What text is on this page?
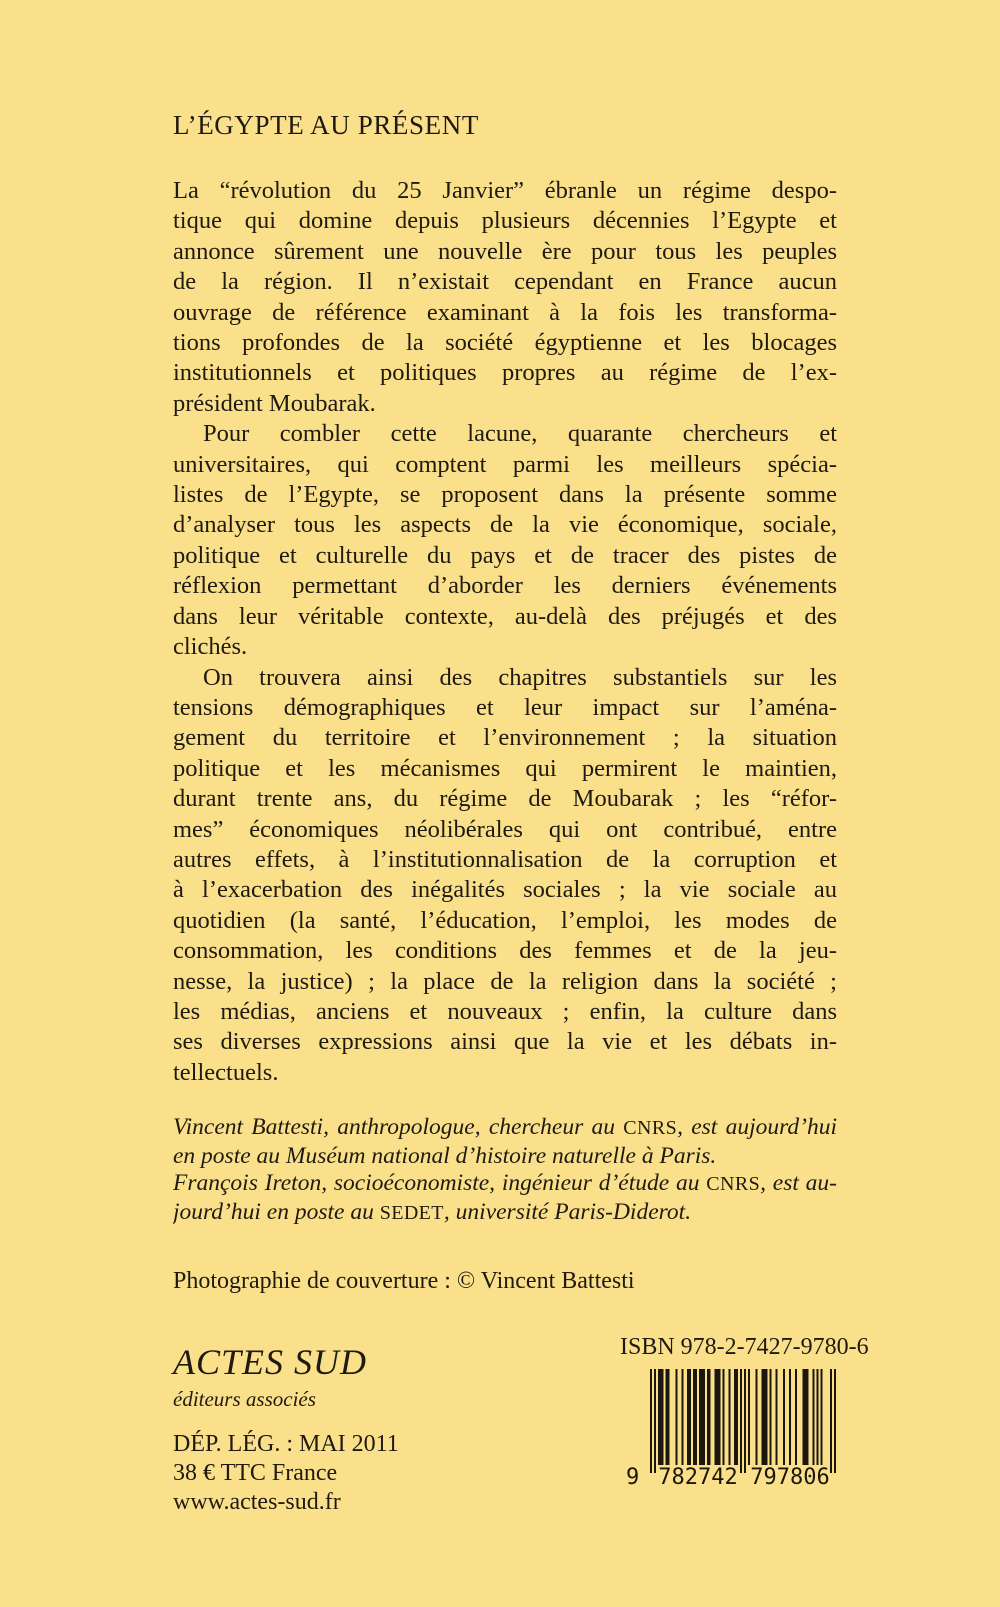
L’ÉGYPTE AU PRÉSENT
La “révolution du 25 Janvier” ébranle un régime despo-
tique qui domine depuis plusieurs décennies l’Egypte et
annonce sûrement une nouvelle ère pour tous les peuples
de la région. Il n’existait cependant en France aucun
ouvrage de référence examinant à la fois les transforma-
tions profondes de la société égyptienne et les blocages
institutionnels et politiques propres au régime de l’ex-
président Moubarak.
Pour combler cette lacune, quarante chercheurs et
universitaires, qui comptent parmi les meilleurs spécia-
listes de l’Egypte, se proposent dans la présente somme
d’analyser tous les aspects de la vie économique, sociale,
politique et culturelle du pays et de tracer des pistes de
réflexion permettant d’aborder les derniers événements
dans leur véritable contexte, au-delà des préjugés et des
clichés.
On trouvera ainsi des chapitres substantiels sur les
tensions démographiques et leur impact sur l’aména-
gement du territoire et l’environnement ; la situation
politique et les mécanismes qui permirent le maintien,
durant trente ans, du régime de Moubarak ; les “réfor-
mes” économiques néolibérales qui ont contribué, entre
autres effets, à l’institutionnalisation de la corruption et
à l’exacerbation des inégalités sociales ; la vie sociale au
quotidien (la santé, l’éducation, l’emploi, les modes de
consommation, les conditions des femmes et de la jeu-
nesse, la justice) ; la place de la religion dans la société ;
les médias, anciens et nouveaux ; enfin, la culture dans
ses diverses expressions ainsi que la vie et les débats in-
tellectuels.
Vincent Battesti, anthropologue, chercheur au CNRS, est aujourd’hui
en poste au Muséum national d’histoire naturelle à Paris.
François Ireton, socioéconomiste, ingénieur d’étude au CNRS, est au-
jourd’hui en poste au SEDET, université Paris-Diderot.
Photographie de couverture : © Vincent Battesti
ACTES SUD
éditeurs associés
DÉP. LÉG. : MAI 2011
38 € TTC France
www.actes-sud.fr
ISBN 978-2-7427-9780-6
9 782742 797806
